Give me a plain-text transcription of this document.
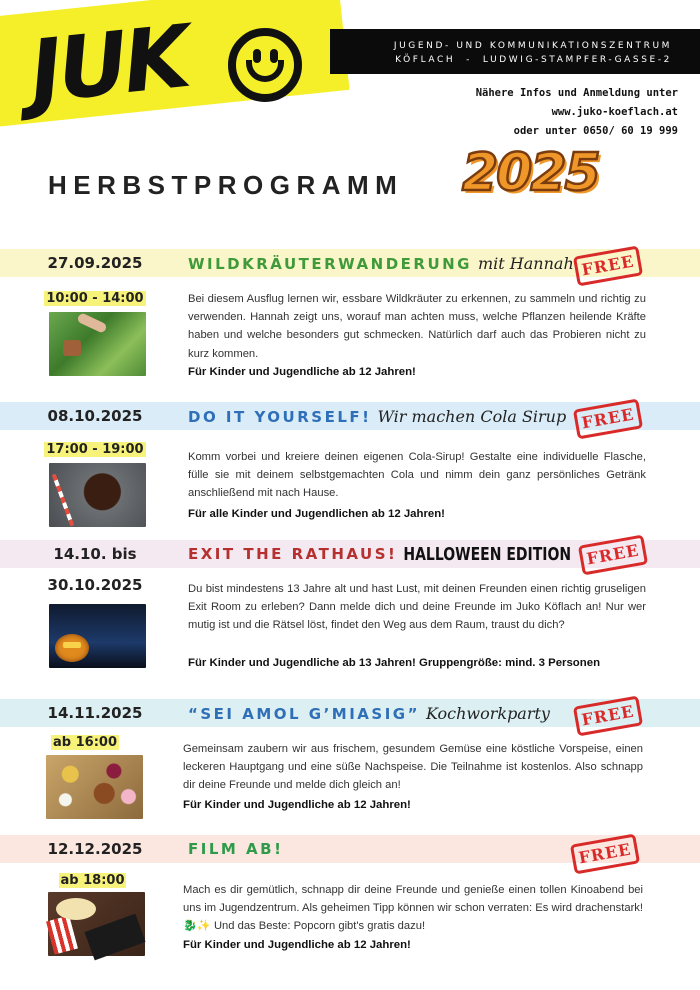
JUK	JUGEND- UND KOMMUNIKATIONSZENTRUM
KÖFLACH  -  LUDWIG-STAMPFER-GASSE-2
Nähere Infos und Anmeldung unter
www.juko-koeflach.at
oder unter 0650/ 60 19 999
HERBSTPROGRAMM 2025
27.09.2025	WILDKRÄUTERWANDERUNG mit Hannah FREE
10:00 - 14:00	Bei diesem Ausflug lernen wir, essbare Wildkräuter zu erkennen, zu sammeln und richtig zu verwenden. Hannah zeigt uns, worauf man achten muss, welche Pflanzen heilende Kräfte haben und welche besonders gut schmecken. Natürlich darf auch das Probieren nicht zu kurz kommen.
Für Kinder und Jugendliche ab 12 Jahren!
08.10.2025	DO IT YOURSELF! Wir machen Cola Sirup FREE
17:00 - 19:00	Komm vorbei und kreiere deinen eigenen Cola-Sirup! Gestalte eine individuelle Flasche, fülle sie mit deinem selbstgemachten Cola und nimm dein ganz persönliches Getränk anschließend mit nach Hause.
Für alle Kinder und Jugendlichen ab 12 Jahren!
14.10. bis	EXIT THE RATHAUS! HALLOWEEN EDITION FREE
30.10.2025	Du bist mindestens 13 Jahre alt und hast Lust, mit deinen Freunden einen richtig gruseligen Exit Room zu erleben? Dann melde dich und deine Freunde im Juko Köflach an! Nur wer mutig ist und die Rätsel löst, findet den Weg aus dem Raum, traust du dich?
Für Kinder und Jugendliche ab 13 Jahren! Gruppengröße: mind. 3 Personen
14.11.2025	“SEI AMOL G’MIASIG” Kochworkparty	FREE
ab 16:00	Gemeinsam zaubern wir aus frischem, gesundem Gemüse eine köstliche Vorspeise, einen leckeren Hauptgang und eine süße Nachspeise. Die Teilnahme ist kostenlos. Also schnapp dir deine Freunde und melde dich gleich an!
Für Kinder und Jugendliche ab 12 Jahren!
12.12.2025	FILM AB!	FREE
ab 18:00
Mach es dir gemütlich, schnapp dir deine Freunde und genieße einen tollen Kinoabend bei uns im Jugendzentrum. Als geheimen Tipp können wir schon verraten: Es wird drachenstark! 🐉✨ Und das Beste: Popcorn gibt's gratis dazu!
Für Kinder und Jugendliche ab 12 Jahren!
